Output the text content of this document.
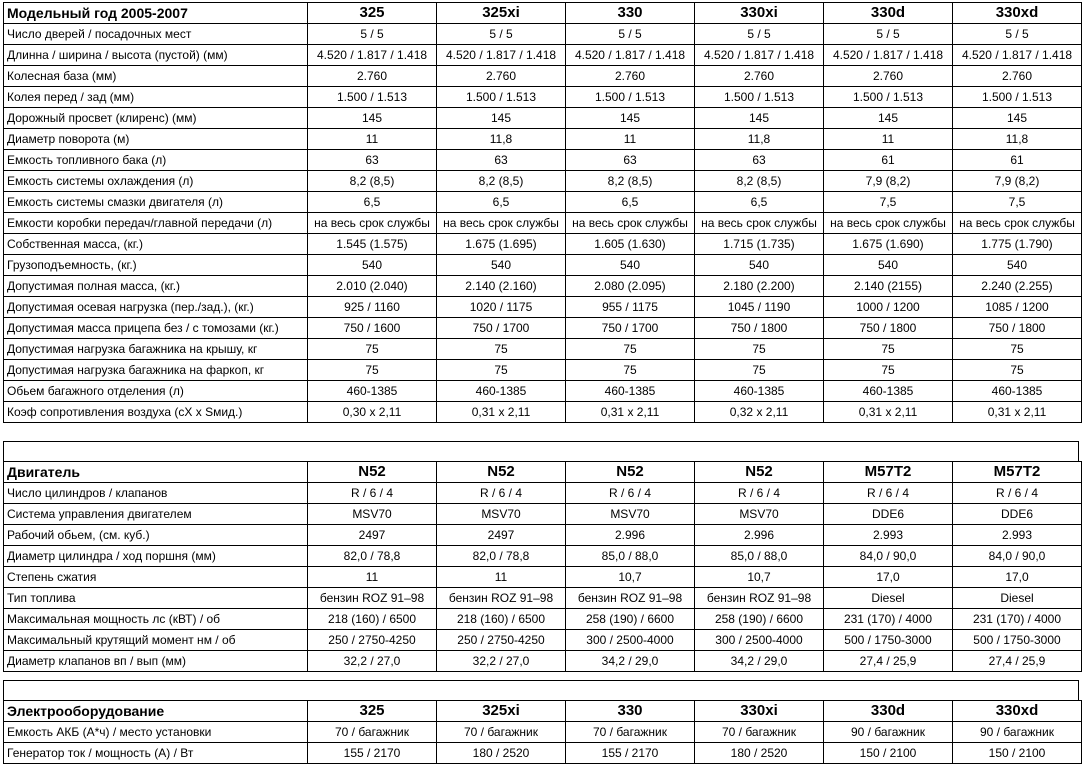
Модельный год 2005-2007	325	325xi	330	330xi	330d	330xd
Число дверей / посадочных мест	5 / 5	5 / 5	5 / 5	5 / 5	5 / 5	5 / 5
Длинна / ширина / высота (пустой) (мм)	4.520 / 1.817 / 1.418	4.520 / 1.817 / 1.418	4.520 / 1.817 / 1.418	4.520 / 1.817 / 1.418	4.520 / 1.817 / 1.418	4.520 / 1.817 / 1.418
Колесная база (мм)	2.760	2.760	2.760	2.760	2.760	2.760
Колея перед / зад (мм)	1.500 / 1.513	1.500 / 1.513	1.500 / 1.513	1.500 / 1.513	1.500 / 1.513	1.500 / 1.513
Дорожный просвет (клиренс) (мм)	145	145	145	145	145	145
Диаметр поворота (м)	11	11,8	11	11,8	11	11,8
Емкость топливного бака (л)	63	63	63	63	61	61
Емкость системы охлаждения (л)	8,2 (8,5)	8,2 (8,5)	8,2 (8,5)	8,2 (8,5)	7,9 (8,2)	7,9 (8,2)
Емкость системы смазки двигателя (л)	6,5	6,5	6,5	6,5	7,5	7,5
Емкости коробки передач/главной передачи (л)	на весь срок службы	на весь срок службы	на весь срок службы	на весь срок службы	на весь срок службы	на весь срок службы
Собственная масса, (кг.)	1.545 (1.575)	1.675 (1.695)	1.605 (1.630)	1.715 (1.735)	1.675 (1.690)	1.775 (1.790)
Грузоподъемность, (кг.)	540	540	540	540	540	540
Допустимая полная масса, (кг.)	2.010 (2.040)	2.140 (2.160)	2.080 (2.095)	2.180 (2.200)	2.140 (2155)	2.240 (2.255)
Допустимая осевая нагрузка (пер./зад.), (кг.)	925 / 1160	1020 / 1175	955 / 1175	1045 / 1190	1000 / 1200	1085 / 1200
Допустимая масса прицепа без / с томозами (кг.)	750 / 1600	750 / 1700	750 / 1700	750 / 1800	750 / 1800	750 / 1800
Допустимая нагрузка багажника на крышу, кг	75	75	75	75	75	75
Допустимая нагрузка багажника на фаркоп, кг	75	75	75	75	75	75
Обьем багажного отделения (л)	460-1385	460-1385	460-1385	460-1385	460-1385	460-1385
Коэф сопротивления воздуха (cX x Sмид.)	0,30 x 2,11	0,31 x 2,11	0,31 x 2,11	0,32 x 2,11	0,31 x 2,11	0,31 x 2,11
Двигатель	N52	N52	N52	N52	M57T2	M57T2
Число цилиндров / клапанов	R / 6 / 4	R / 6 / 4	R / 6 / 4	R / 6 / 4	R / 6 / 4	R / 6 / 4
Система управления двигателем	MSV70	MSV70	MSV70	MSV70	DDE6	DDE6
Рабочий обьем, (см. куб.)	2497	2497	2.996	2.996	2.993	2.993
Диаметр цилиндра / ход поршня (мм)	82,0 / 78,8	82,0 / 78,8	85,0 / 88,0	85,0 / 88,0	84,0 / 90,0	84,0 / 90,0
Степень сжатия	11	11	10,7	10,7	17,0	17,0
Тип топлива	бензин ROZ 91–98	бензин ROZ 91–98	бензин ROZ 91–98	бензин ROZ 91–98	Diesel	Diesel
Максимальная мощность лс (кВТ) / об	218 (160) / 6500	218 (160) / 6500	258 (190) / 6600	258 (190) / 6600	231 (170) / 4000	231 (170) / 4000
Максимальный крутящий момент нм / об	250 / 2750-4250	250 / 2750-4250	300 / 2500-4000	300 / 2500-4000	500 / 1750-3000	500 / 1750-3000
Диаметр клапанов вп / вып (мм)	32,2 / 27,0	32,2 / 27,0	34,2 / 29,0	34,2 / 29,0	27,4 / 25,9	27,4 / 25,9
Электрооборудование	325	325xi	330	330xi	330d	330xd
Емкость АКБ (А*ч) / место установки	70 / багажник	70 / багажник	70 / багажник	70 / багажник	90 / багажник	90 / багажник
Генератор ток / мощность (А) / Вт	155 / 2170	180 / 2520	155 / 2170	180 / 2520	150 / 2100	150 / 2100
